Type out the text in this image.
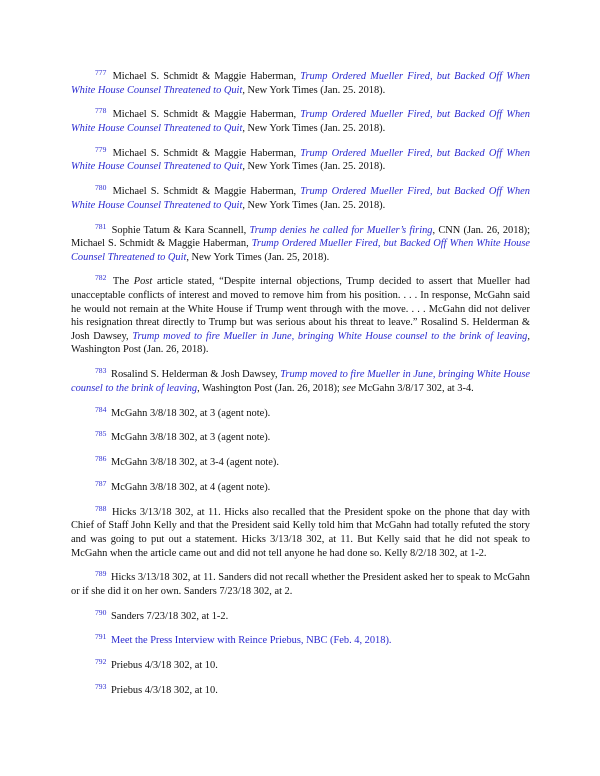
$^{777}$ Michael S. Schmidt & Maggie Haberman, Trump Ordered Mueller Fired, but Backed Off When White House Counsel Threatened to Quit, New York Times (Jan. 25. 2018).

$^{778}$ Michael S. Schmidt & Maggie Haberman, Trump Ordered Mueller Fired, but Backed Off When White House Counsel Threatened to Quit, New York Times (Jan. 25. 2018).

$^{779}$ Michael S. Schmidt & Maggie Haberman, Trump Ordered Mueller Fired, but Backed Off When White House Counsel Threatened to Quit, New York Times (Jan. 25. 2018).

$^{780}$ Michael S. Schmidt & Maggie Haberman, Trump Ordered Mueller Fired, but Backed Off When White House Counsel Threatened to Quit, New York Times (Jan. 25. 2018).

$^{781}$ Sophie Tatum & Kara Scannell, Trump denies he called for Mueller’s firing, CNN (Jan. 26, 2018); Michael S. Schmidt & Maggie Haberman, Trump Ordered Mueller Fired, but Backed Off When White House Counsel Threatened to Quit, New York Times (Jan. 25, 2018).

$^{782}$ The Post article stated, “Despite internal objections, Trump decided to assert that Mueller had unacceptable conflicts of interest and moved to remove him from his position. . . . In response, McGahn said he would not remain at the White House if Trump went through with the move. . . . McGahn did not deliver his resignation threat directly to Trump but was serious about his threat to leave.” Rosalind S. Helderman & Josh Dawsey, Trump moved to fire Mueller in June, bringing White House counsel to the brink of leaving, Washington Post (Jan. 26, 2018).

$^{783}$ Rosalind S. Helderman & Josh Dawsey, Trump moved to fire Mueller in June, bringing White House counsel to the brink of leaving, Washington Post (Jan. 26, 2018); see McGahn 3/8/17 302, at 3-4.

$^{784}$ McGahn 3/8/18 302, at 3 (agent note).

$^{785}$ McGahn 3/8/18 302, at 3 (agent note).

$^{786}$ McGahn 3/8/18 302, at 3-4 (agent note).

$^{787}$ McGahn 3/8/18 302, at 4 (agent note).

$^{788}$ Hicks 3/13/18 302, at 11. Hicks also recalled that the President spoke on the phone that day with Chief of Staff John Kelly and that the President said Kelly told him that McGahn had totally refuted the story and was going to put out a statement. Hicks 3/13/18 302, at 11. But Kelly said that he did not speak to McGahn when the article came out and did not tell anyone he had done so. Kelly 8/2/18 302, at 1-2.

$^{789}$ Hicks 3/13/18 302, at 11. Sanders did not recall whether the President asked her to speak to McGahn or if she did it on her own. Sanders 7/23/18 302, at 2.

$^{790}$ Sanders 7/23/18 302, at 1-2.

$^{791}$ Meet the Press Interview with Reince Priebus, NBC (Feb. 4, 2018).

$^{792}$ Priebus 4/3/18 302, at 10.

$^{793}$ Priebus 4/3/18 302, at 10.
